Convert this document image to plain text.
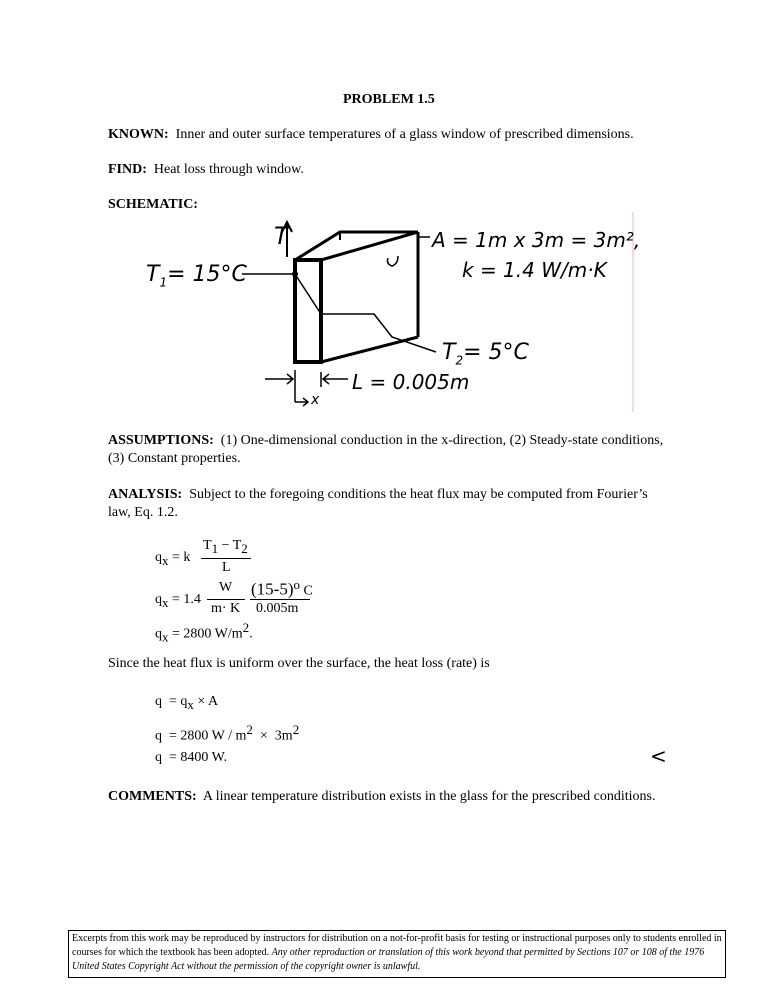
PROBLEM 1.5
KNOWN: Inner and outer surface temperatures of a glass window of prescribed dimensions.
FIND: Heat loss through window.
SCHEMATIC:
T
$T_1= 15^\circ C$
A = 1m x 3m = 3m²,
k = 1.4 W/m·K
$T_2= 5^\circ C$
L = 0.005m
x
ASSUMPTIONS: (1) One-dimensional conduction in the x-direction, (2) Steady-state conditions, (3) Constant properties.
ANALYSIS: Subject to the foregoing conditions the heat flux may be computed from Fourier’s law, Eq. 1.2.
$q_x = k$
$T_1 - T_2$
L
$q_x = 1.4$
W
m· K
$(15-5)^o$ C
0.005m
$q_x = 2800$ $W/m^2$.
Since the heat flux is uniform over the surface, the heat loss (rate) is
$q = q_x \times A$
q = 2800 $W / m^2 \times 3m^2$
q = 8400 W.	<
COMMENTS: A linear temperature distribution exists in the glass for the prescribed conditions.
Excerpts from this work may be reproduced by instructors for distribution on a not-for-profit basis for testing or instructional purposes only to students enrolled in courses for which the textbook has been adopted. Any other reproduction or translation of this work beyond that permitted by Sections 107 or 108 of the 1976 United States Copyright Act without the permission of the copyright owner is unlawful.
